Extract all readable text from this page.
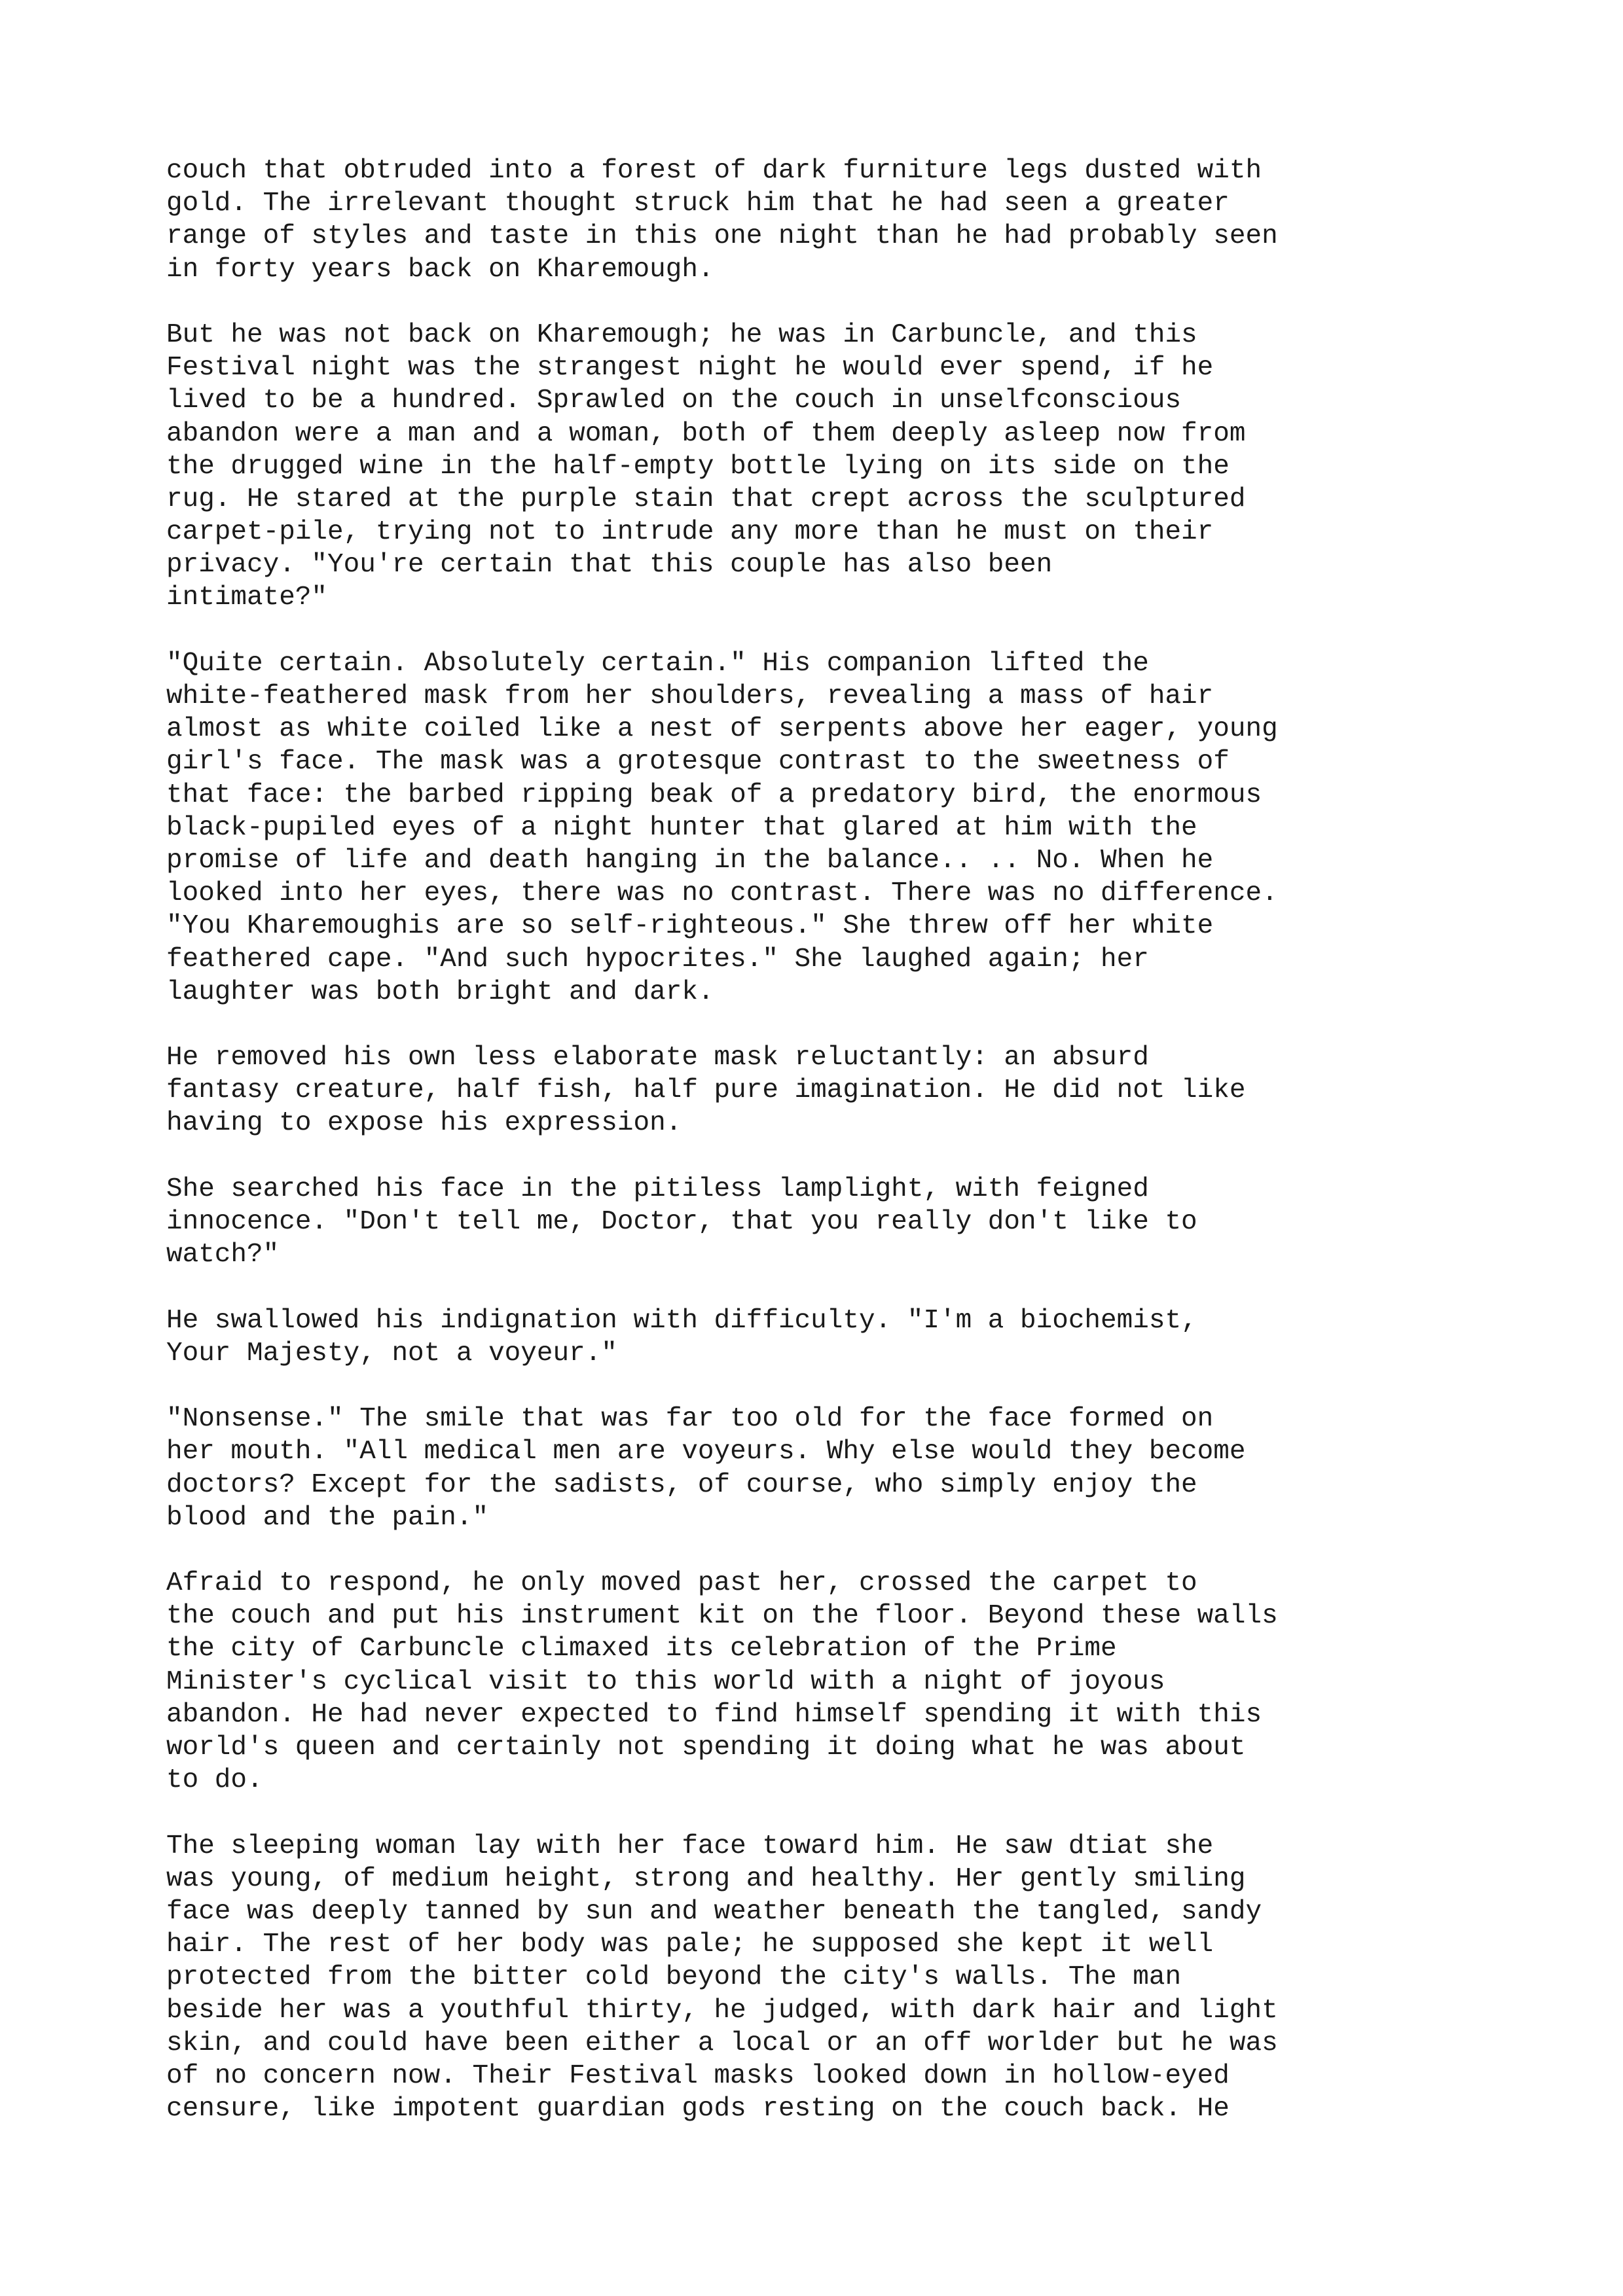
couch that obtruded into a forest of dark furniture legs dusted with
gold. The irrelevant thought struck him that he had seen a greater
range of styles and taste in this one night than he had probably seen
in forty years back on Kharemough.
But he was not back on Kharemough; he was in Carbuncle, and this
Festival night was the strangest night he would ever spend, if he
lived to be a hundred. Sprawled on the couch in unselfconscious
abandon were a man and a woman, both of them deeply asleep now from
the drugged wine in the half-empty bottle lying on its side on the
rug. He stared at the purple stain that crept across the sculptured
carpet-pile, trying not to intrude any more than he must on their
privacy. "You're certain that this couple has also been
intimate?"
"Quite certain. Absolutely certain." His companion lifted the
white-feathered mask from her shoulders, revealing a mass of hair
almost as white coiled like a nest of serpents above her eager, young
girl's face. The mask was a grotesque contrast to the sweetness of
that face: the barbed ripping beak of a predatory bird, the enormous
black-pupiled eyes of a night hunter that glared at him with the
promise of life and death hanging in the balance.. .. No. When he
looked into her eyes, there was no contrast. There was no difference.
"You Kharemoughis are so self-righteous." She threw off her white
feathered cape. "And such hypocrites." She laughed again; her
laughter was both bright and dark.
He removed his own less elaborate mask reluctantly: an absurd
fantasy creature, half fish, half pure imagination. He did not like
having to expose his expression.
She searched his face in the pitiless lamplight, with feigned
innocence. "Don't tell me, Doctor, that you really don't like to
watch?"
He swallowed his indignation with difficulty. "I'm a biochemist,
Your Majesty, not a voyeur."
"Nonsense." The smile that was far too old for the face formed on
her mouth. "All medical men are voyeurs. Why else would they become
doctors? Except for the sadists, of course, who simply enjoy the
blood and the pain."
Afraid to respond, he only moved past her, crossed the carpet to
the couch and put his instrument kit on the floor. Beyond these walls
the city of Carbuncle climaxed its celebration of the Prime
Minister's cyclical visit to this world with a night of joyous
abandon. He had never expected to find himself spending it with this
world's queen and certainly not spending it doing what he was about
to do.
The sleeping woman lay with her face toward him. He saw dtiat she
was young, of medium height, strong and healthy. Her gently smiling
face was deeply tanned by sun and weather beneath the tangled, sandy
hair. The rest of her body was pale; he supposed she kept it well
protected from the bitter cold beyond the city's walls. The man
beside her was a youthful thirty, he judged, with dark hair and light
skin, and could have been either a local or an off worlder but he was
of no concern now. Their Festival masks looked down in hollow-eyed
censure, like impotent guardian gods resting on the couch back. He
